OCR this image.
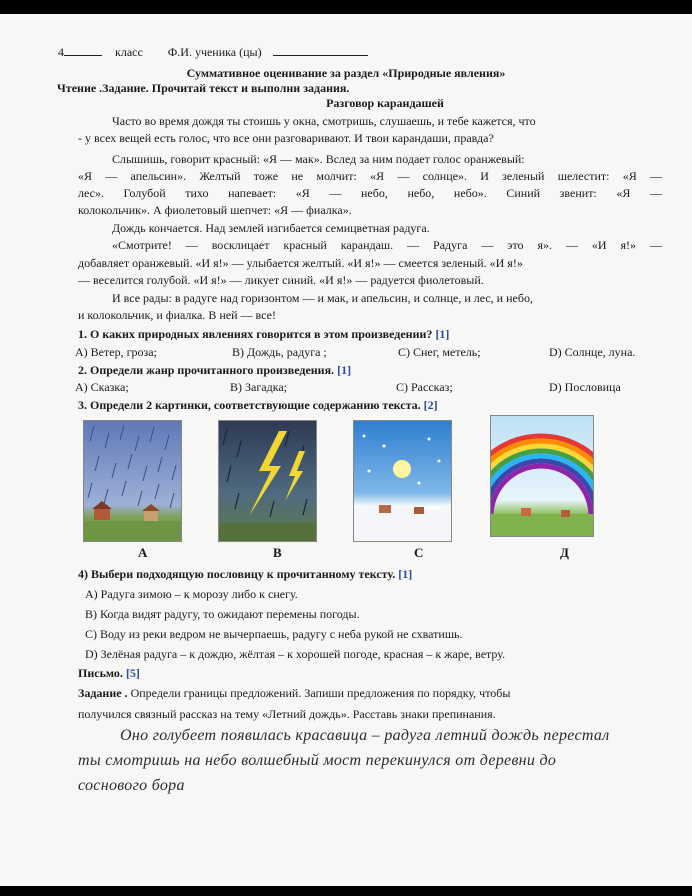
4	класс Ф.И. ученика (цы)
Суммативное оценивание за раздел «Природные явления»
Чтение .Задание. Прочитай текст и выполни задания.
Разговор карандашей
Часто во время дождя ты стоишь у окна, смотришь, слушаешь, и тебе кажется, что
- у всех вещей есть голос, что все они разговаривают. И твои карандаши, правда?
Слышишь, говорит красный: «Я — мак». Вслед за ним подает голос оранжевый:
«Я — апельсин». Желтый тоже не молчит: «Я — солнце». И зеленый шелестит: «Я —
лес». Голубой тихо напевает: «Я — небо, небо, небо». Синий звенит: «Я —
колокольчик». А фиолетовый шепчет: «Я — фиалка».
Дождь кончается. Над землей изгибается семицветная радуга.
«Смотрите! — восклицает красный карандаш. — Радуга — это я». — «И я!» —
добавляет оранжевый. «И я!» — улыбается желтый. «И я!» — смеется зеленый. «И я!»
— веселится голубой. «И я!» — ликует синий. «И я!» — радуется фиолетовый.
И все рады: в радуге над горизонтом — и мак, и апельсин, и солнце, и лес, и небо,
и колокольчик, и фиалка. В ней — все!
1. О каких природных явлениях говорится в этом произведении? [1]
A) Ветер, гроза;	B) Дождь, радуга ;	C) Снег, метель;	D) Солнце, луна.
2. Определи жанр прочитанного произведения. [1]
A) Сказка;	B) Загадка;	C) Рассказ;	D) Пословица
3. Определи 2 картинки, соответствующие содержанию текста. [2]
A	B	C	Д
4) Выбери подходящую пословицу к прочитанному тексту. [1]
A) Радуга зимою – к морозу либо к снегу.
B) Когда видят радугу, то ожидают перемены погоды.
C) Воду из реки ведром не вычерпаешь, радугу с неба рукой не схватишь.
D) Зелёная радуга – к дождю, жёлтая – к хорошей погоде, красная – к жаре, ветру.
Письмо. [5]
Задание . Определи границы предложений. Запиши предложения по порядку, чтобы
получился связный рассказ на тему «Летний дождь». Расставь знаки препинания.
Оно голубеет появилась красавица – радуга летний дождь перестал
ты смотришь на небо волшебный мост перекинулся от деревни до
соснового бора
